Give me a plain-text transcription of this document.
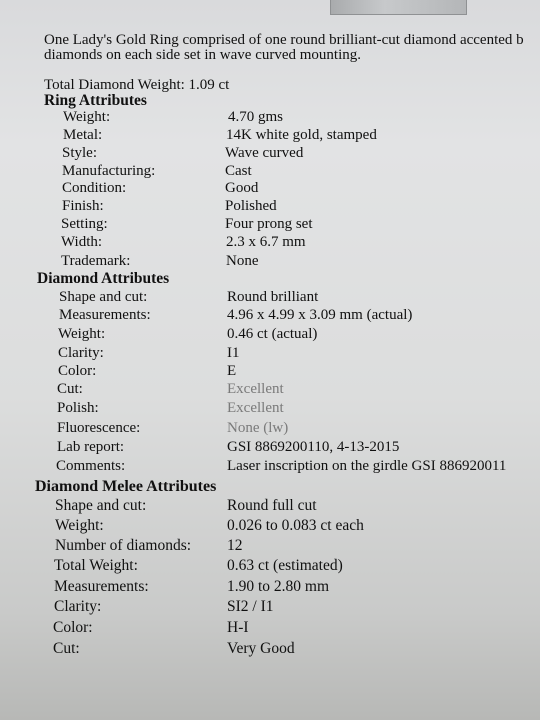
One Lady's Gold Ring comprised of one round brilliant-cut diamond accented b
diamonds on each side set in wave curved mounting.
Total Diamond Weight: 1.09 ct
Ring Attributes
Weight:	4.70 gms
Metal:	14K white gold, stamped
Style:	Wave curved
Manufacturing:	Cast
Condition:	Good
Finish:	Polished
Setting:	Four prong set
Width:	2.3 x 6.7 mm
Trademark:	None
Diamond Attributes
Shape and cut:	Round brilliant
Measurements:	4.96 x 4.99 x 3.09 mm (actual)
Weight:	0.46 ct (actual)
Clarity:	I1
Color:	E
Cut:	Excellent
Polish:	Excellent
Fluorescence:	None (lw)
Lab report:	GSI 8869200110, 4-13-2015
Comments:	Laser inscription on the girdle GSI 886920011
Diamond Melee Attributes
Shape and cut:	Round full cut
Weight:	0.026 to 0.083 ct each
Number of diamonds: 12
Total Weight:	0.63 ct (estimated)
Measurements:	1.90 to 2.80 mm
Clarity:	SI2 / I1
Color:	H-I
Cut:	Very Good
